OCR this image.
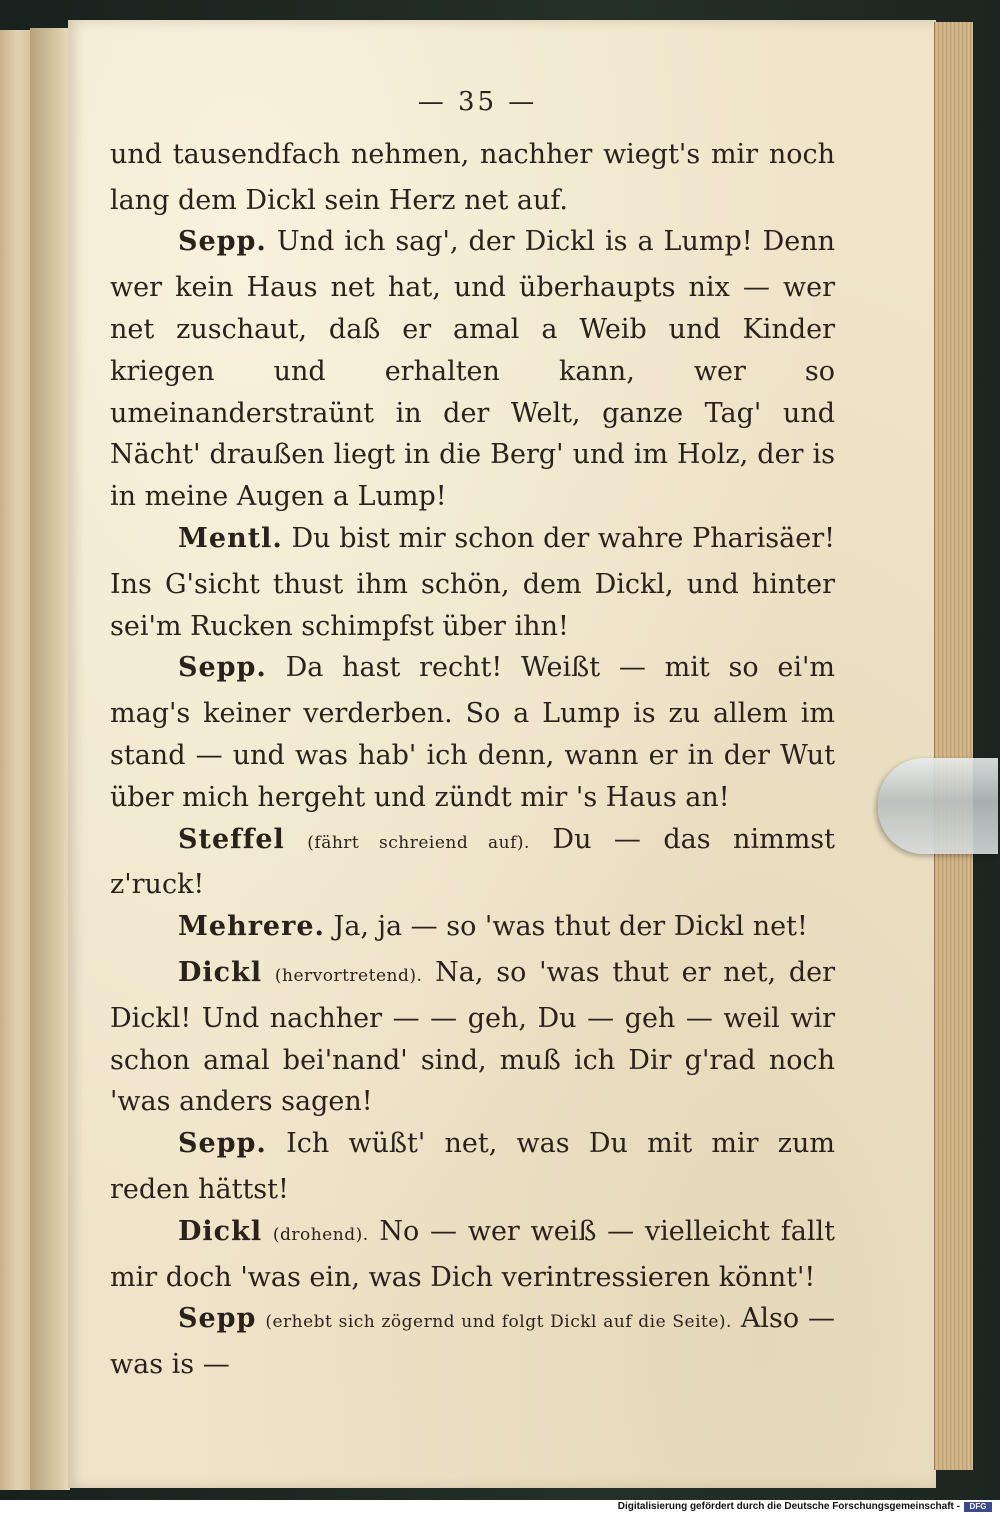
— 35 —

und tausendfach nehmen, nachher wiegt's mir noch lang dem Dickl sein Herz net auf.

Sepp. Und ich sag', der Dickl is a Lump! Denn wer kein Haus net hat, und überhaupts nix — wer net zuschaut, daß er amal a Weib und Kinder kriegen und erhalten kann, wer so umeinanderstraünt in der Welt, ganze Tag' und Nächt' draußen liegt in die Berg' und im Holz, der is in meine Augen a Lump!

Mentl. Du bist mir schon der wahre Pharisäer! Ins G'sicht thust ihm schön, dem Dickl, und hinter sei'm Rucken schimpfst über ihn!

Sepp. Da hast recht! Weißt — mit so ei'm mag's keiner verderben. So a Lump is zu allem im stand — und was hab' ich denn, wann er in der Wut über mich hergeht und zündt mir 's Haus an!

Steffel (fährt schreiend auf). Du — das nimmst z'ruck!

Mehrere. Ja, ja — so 'was thut der Dickl net!

Dickl (hervortretend). Na, so 'was thut er net, der Dickl! Und nachher — — geh, Du — geh — weil wir schon amal bei'nand' sind, muß ich Dir g'rad noch 'was anders sagen!

Sepp. Ich wüßt' net, was Du mit mir zum reden hättst!

Dickl (drohend). No — wer weiß — vielleicht fallt mir doch 'was ein, was Dich verintressieren könnt'!

Sepp (erhebt sich zögernd und folgt Dickl auf die Seite). Also — was is —

Digitalisierung gefördert durch die Deutsche Forschungsgemeinschaft -	DFG
